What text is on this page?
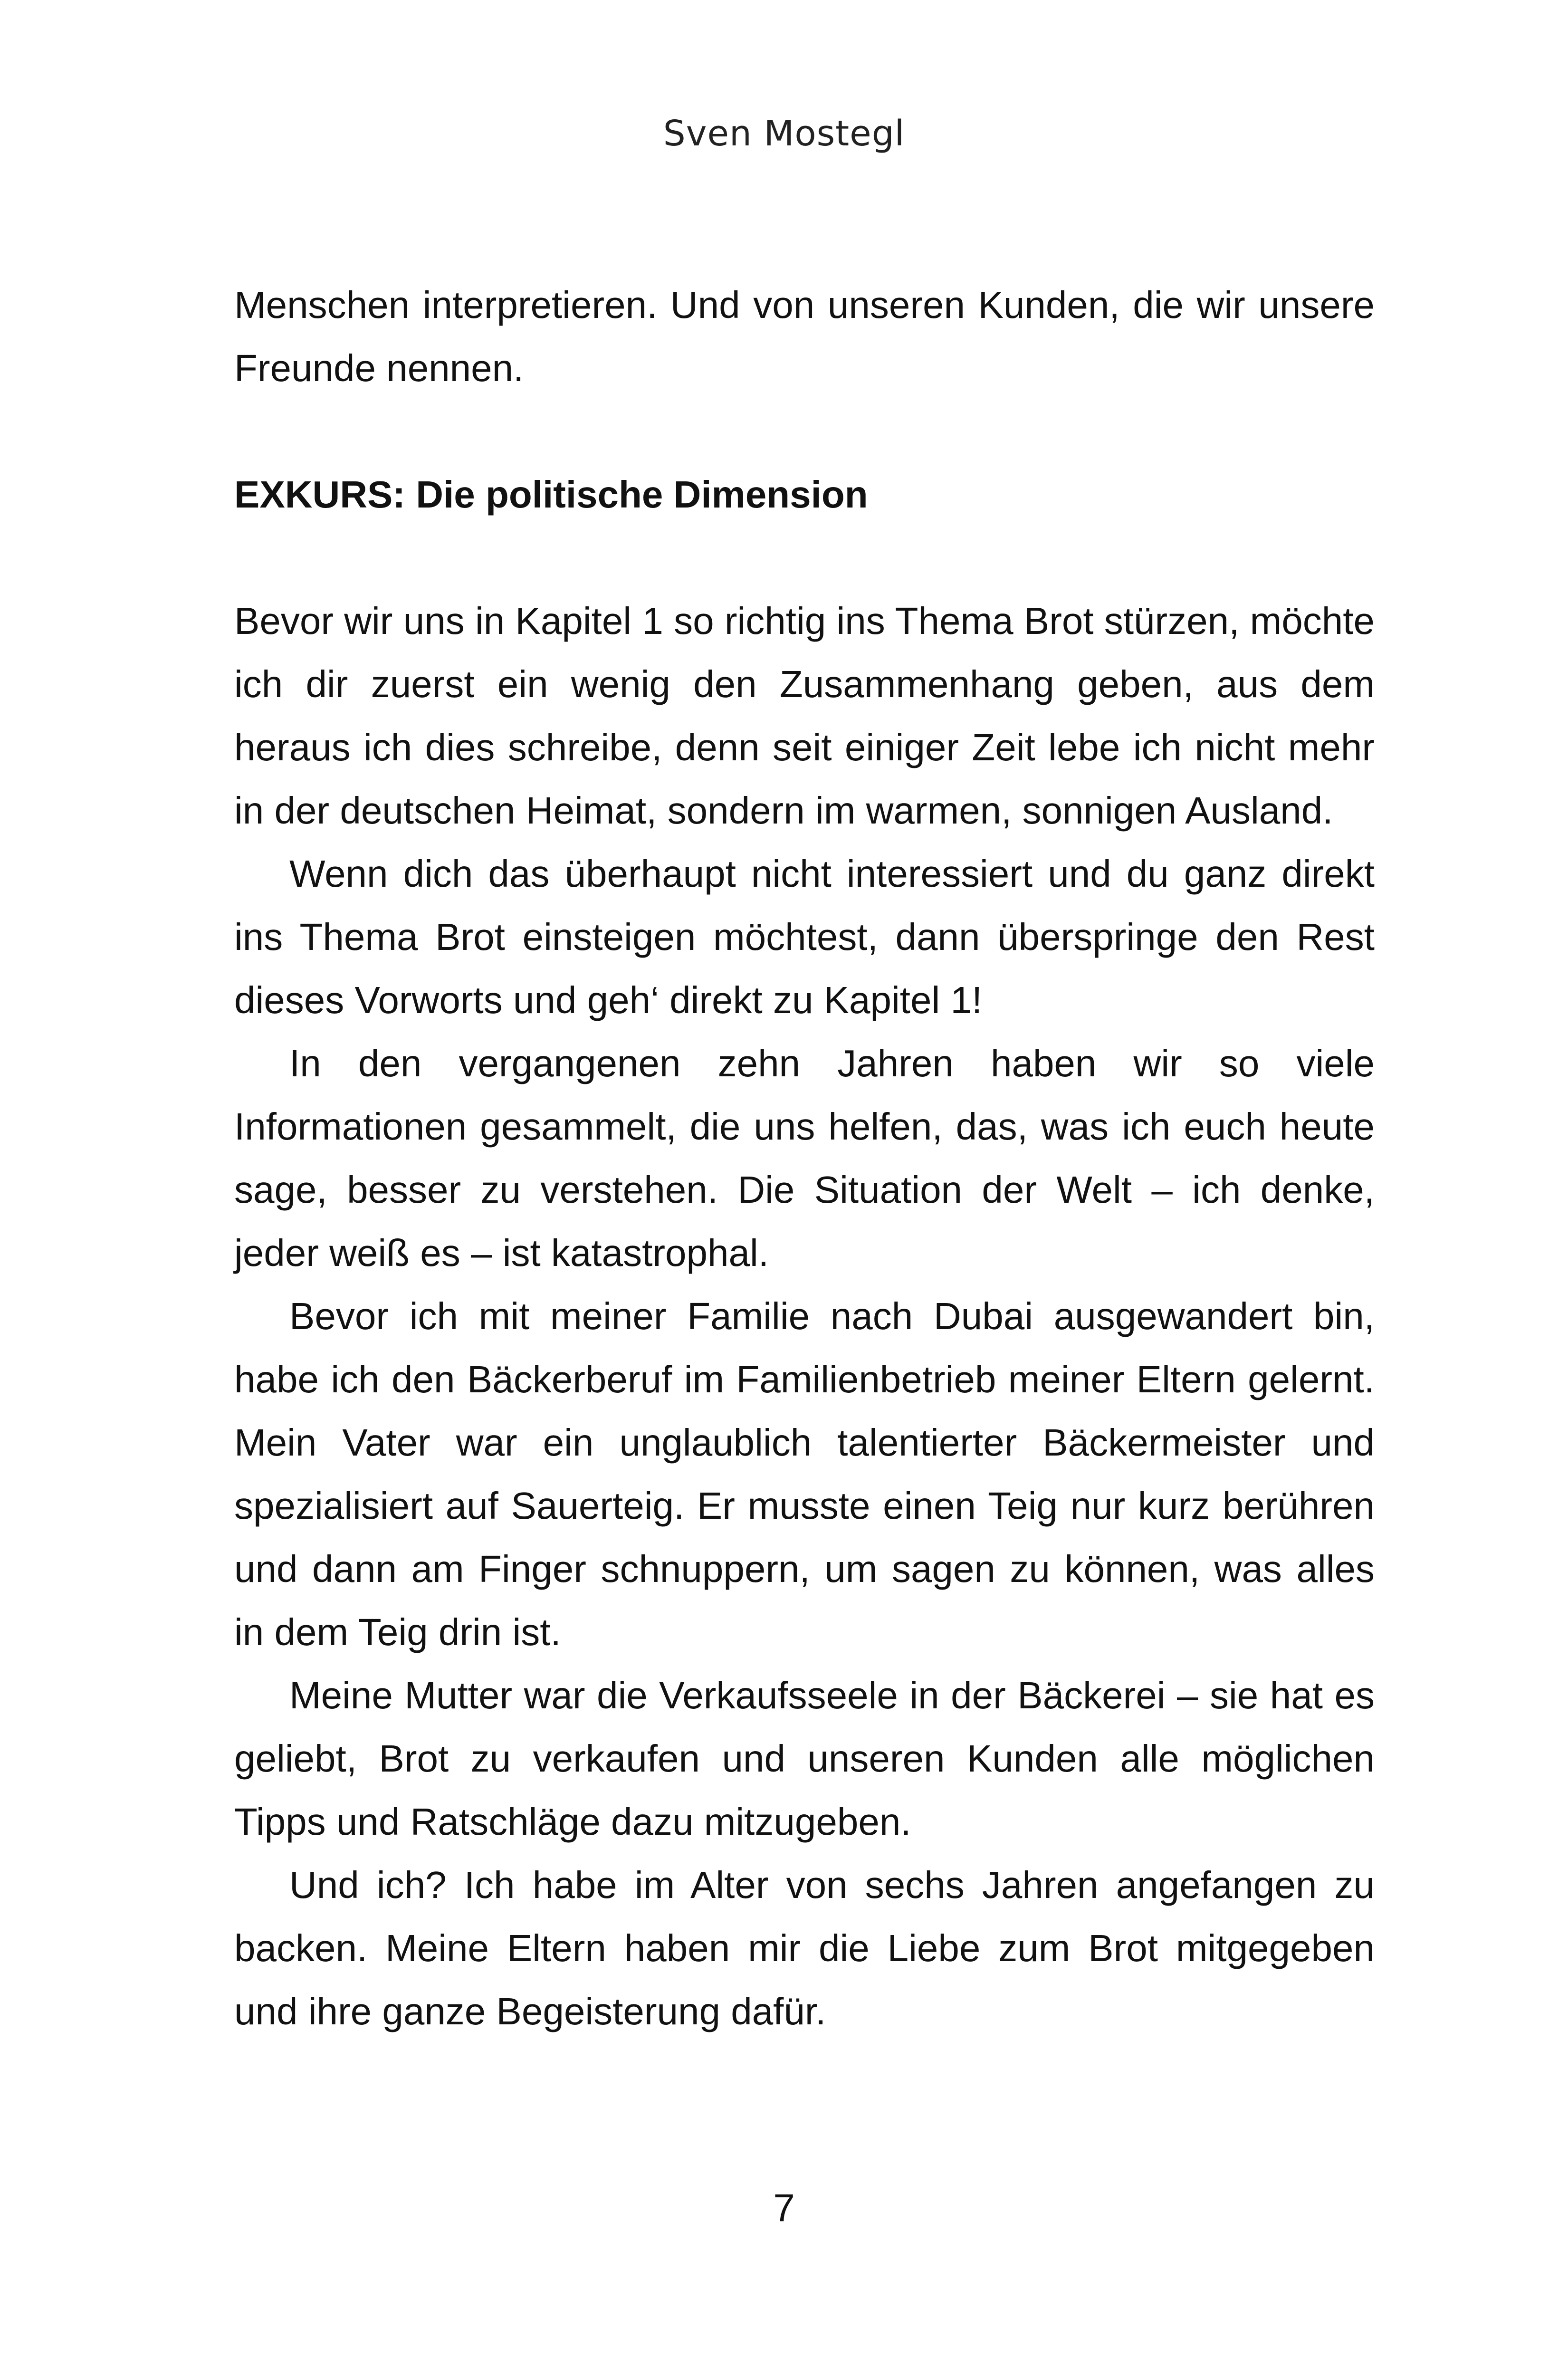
Sven Mostegl

Menschen interpretieren. Und von unseren Kunden, die wir unsere Freunde nennen.

EXKURS: Die politische Dimension

Bevor wir uns in Kapitel 1 so richtig ins Thema Brot stürzen, möchte ich dir zuerst ein wenig den Zusammenhang geben, aus dem heraus ich dies schreibe, denn seit einiger Zeit lebe ich nicht mehr in der deutschen Heimat, sondern im warmen, sonnigen Ausland.

Wenn dich das überhaupt nicht interessiert und du ganz direkt ins Thema Brot einsteigen möchtest, dann überspringe den Rest dieses Vorworts und geh‘ direkt zu Kapitel 1!

In den vergangenen zehn Jahren haben wir so viele Informationen gesammelt, die uns helfen, das, was ich euch heute sage, besser zu verstehen. Die Situation der Welt – ich denke, jeder weiß es – ist katastrophal.

Bevor ich mit meiner Familie nach Dubai ausgewandert bin, habe ich den Bäckerberuf im Familienbetrieb meiner Eltern gelernt. Mein Vater war ein unglaublich talentierter Bäckermeister und spezialisiert auf Sauerteig. Er musste einen Teig nur kurz berühren und dann am Finger schnuppern, um sagen zu können, was alles in dem Teig drin ist.

Meine Mutter war die Verkaufsseele in der Bäckerei – sie hat es geliebt, Brot zu verkaufen und unseren Kunden alle möglichen Tipps und Ratschläge dazu mitzugeben.

Und ich? Ich habe im Alter von sechs Jahren angefangen zu backen. Meine Eltern haben mir die Liebe zum Brot mitgegeben und ihre ganze Begeisterung dafür.

7
